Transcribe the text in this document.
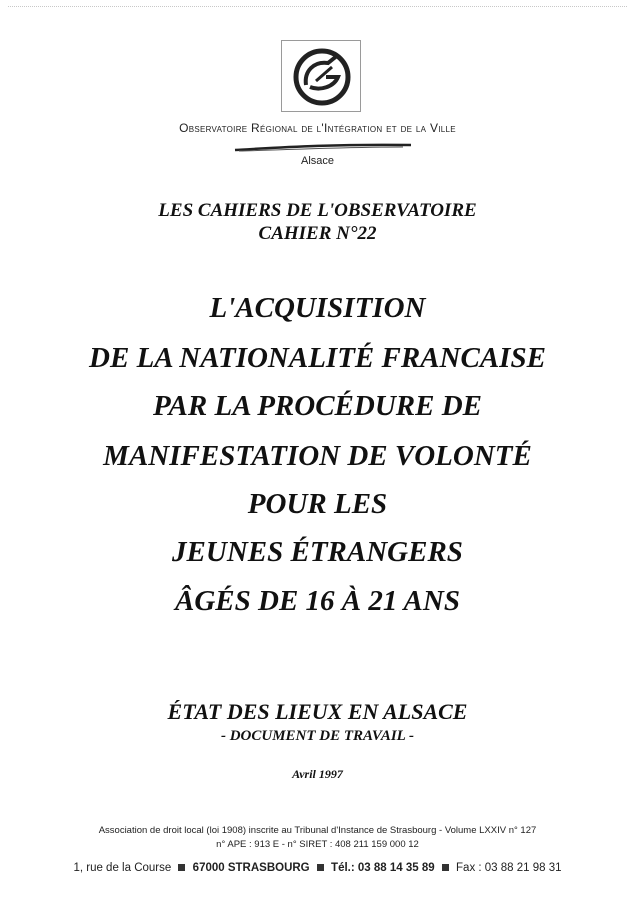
Observatoire Régional de l'Intégration et de la Ville
Alsace
LES CAHIERS DE L'OBSERVATOIRE
CAHIER N°22
L'ACQUISITION
DE LA NATIONALITÉ FRANCAISE
PAR LA PROCÉDURE DE
MANIFESTATION DE VOLONTÉ
POUR LES
JEUNES ÉTRANGERS
ÂGÉS DE 16 À 21 ANS
ÉTAT DES LIEUX EN ALSACE
- DOCUMENT DE TRAVAIL -
Avril 1997
Association de droit local (loi 1908) inscrite au Tribunal d'Instance de Strasbourg - Volume LXXIV n° 127
n° APE : 913 E - n° SIRET : 408 211 159 000 12
1, rue de la Course 67000 STRASBOURG Tél.: 03 88 14 35 89 Fax : 03 88 21 98 31
